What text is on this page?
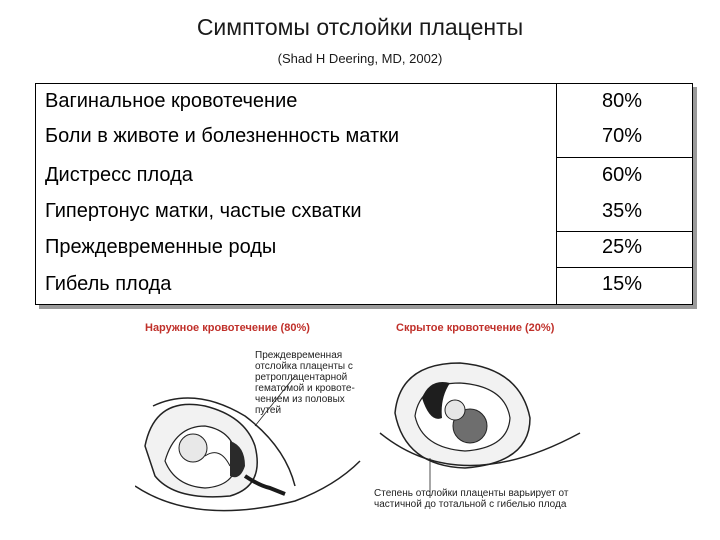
Симптомы отслойки плаценты
(Shad H Deering, MD, 2002)
Вагинальное кровотечение	80%
Боли в животе и болезненность матки	70%
Дистресс плода	60%
Гипертонус матки, частые схватки	35%
Преждевременные роды	25%
Гибель плода	15%
Наружное кровотечение (80%)
Преждевременная
отслойка плаценты с
ретроплацентарной
гематомой и кровоте-
чением из половых
путей
Скрытое кровотечение (20%)
Степень отслойки плаценты варьирует от
частичной до тотальной с гибелью плода
